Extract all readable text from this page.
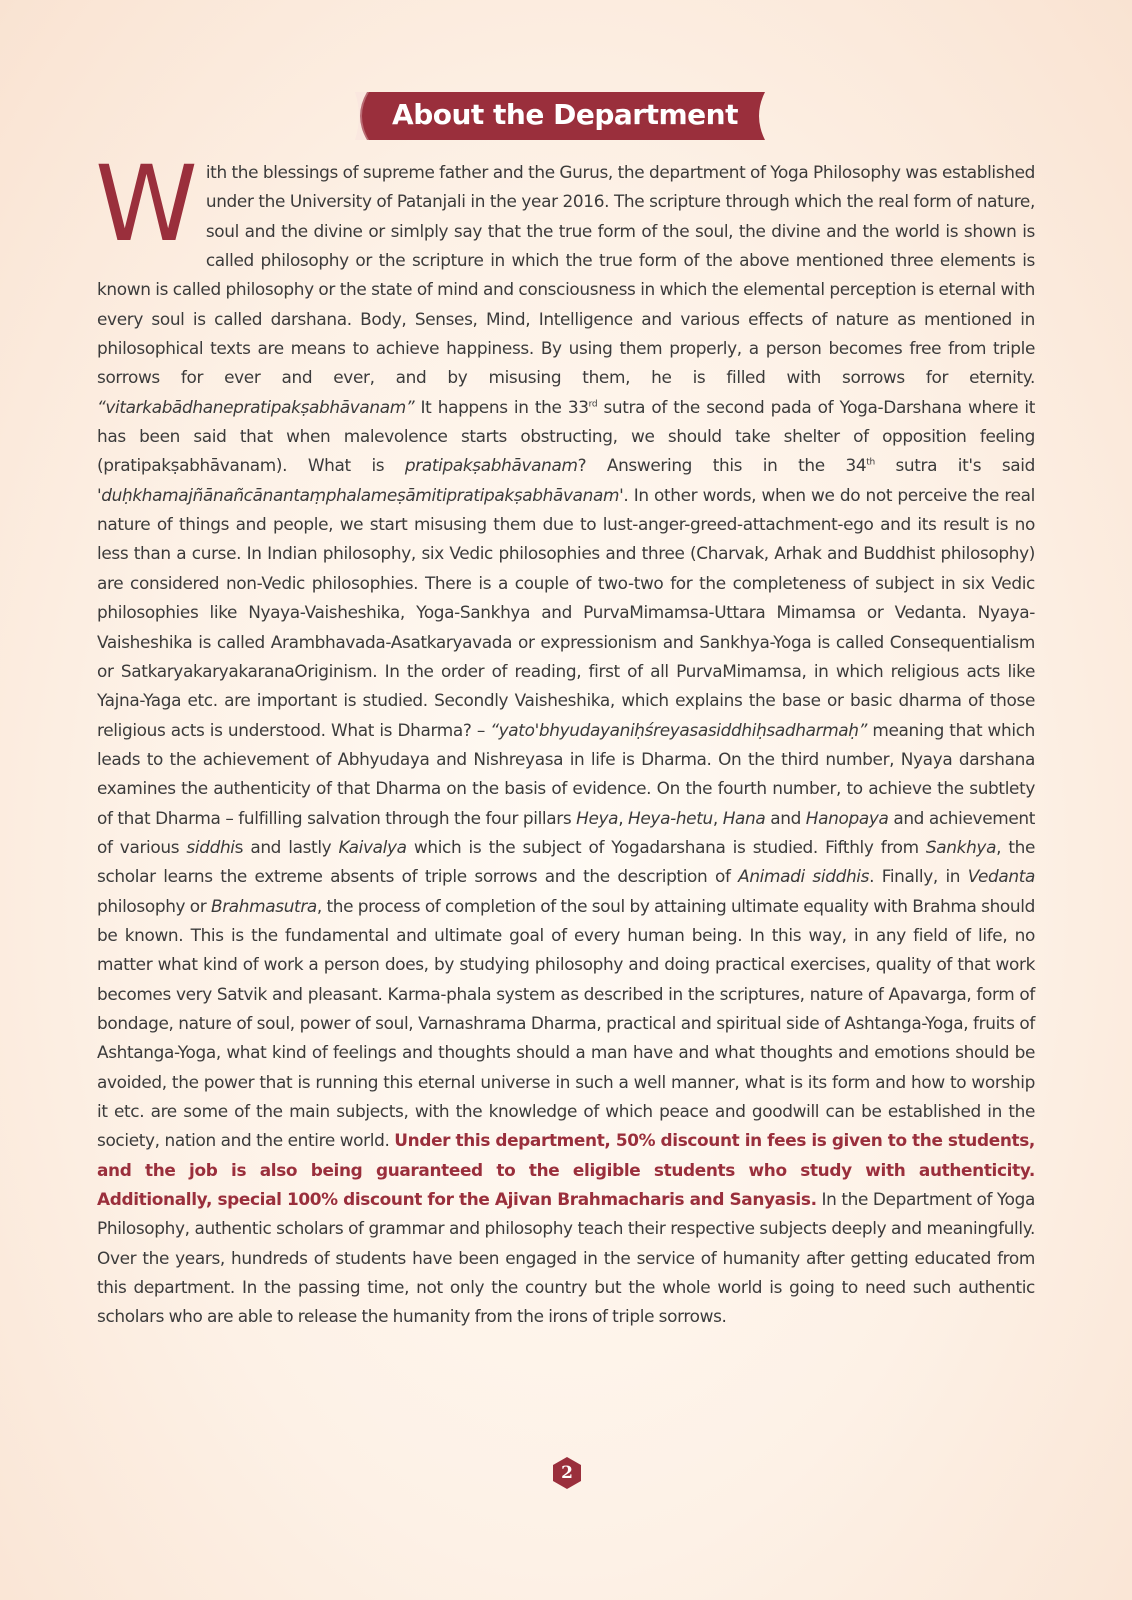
About the Department
W	ith the blessings of supreme father and the Gurus, the department of Yoga Philosophy was established under the University of Patanjali in the year 2016. The scripture through which the real form of nature, soul and the divine or simlply say that the true form of the soul, the divine and the world is shown is called philosophy or the scripture in which the true form of the above mentioned three elements is known is called philosophy or the state of mind and consciousness in which the elemental perception is eternal with every soul is called darshana. Body, Senses, Mind, Intelligence and various effects of nature as mentioned in philosophical texts are means to achieve happiness. By using them properly, a person becomes free from triple sorrows for ever and ever, and by misusing them, he is filled with sorrows for eternity. “vitarkabādhanepratipakṣabhāvanam” It happens in the 33rd sutra of the second pada of Yoga-Darshana where it has been said that when malevolence starts obstructing, we should take shelter of opposition feeling (pratipakṣabhāvanam). What is pratipakṣabhāvanam? Answering this in the 34th sutra it's said 'duḥkhamajñānañcānantaṃphalameṣāmitipratipakṣabhāvanam'. In other words, when we do not perceive the real nature of things and people, we start misusing them due to lust-anger-greed-attachment-ego and its result is no less than a curse. In Indian philosophy, six Vedic philosophies and three (Charvak, Arhak and Buddhist philosophy) are considered non-Vedic philosophies. There is a couple of two-two for the completeness of subject in six Vedic philosophies like Nyaya-Vaisheshika, Yoga-Sankhya and PurvaMimamsa-Uttara Mimamsa or Vedanta. Nyaya-Vaisheshika is called Arambhavada-Asatkaryavada or expressionism and Sankhya-Yoga is called Consequentialism or SatkaryakaryakaranaOriginism. In the order of reading, first of all PurvaMimamsa, in which religious acts like Yajna-Yaga etc. are important is studied. Secondly Vaisheshika, which explains the base or basic dharma of those religious acts is understood. What is Dharma? – “yato'bhyudayaniḥśreyasasiddhiḥsadharmaḥ” meaning that which leads to the achievement of Abhyudaya and Nishreyasa in life is Dharma. On the third number, Nyaya darshana examines the authenticity of that Dharma on the basis of evidence. On the fourth number, to achieve the subtlety of that Dharma – fulfilling salvation through the four pillars Heya, Heya-hetu, Hana and Hanopaya and achievement of various siddhis and lastly Kaivalya which is the subject of Yogadarshana is studied. Fifthly from Sankhya, the scholar learns the extreme absents of triple sorrows and the description of Animadi siddhis. Finally, in Vedanta philosophy or Brahmasutra, the process of completion of the soul by attaining ultimate equality with Brahma should be known. This is the fundamental and ultimate goal of every human being. In this way, in any field of life, no matter what kind of work a person does, by studying philosophy and doing practical exercises, quality of that work becomes very Satvik and pleasant. Karma-phala system as described in the scriptures, nature of Apavarga, form of bondage, nature of soul, power of soul, Varnashrama Dharma, practical and spiritual side of Ashtanga-Yoga, fruits of Ashtanga-Yoga, what kind of feelings and thoughts should a man have and what thoughts and emotions should be avoided, the power that is running this eternal universe in such a well manner, what is its form and how to worship it etc. are some of the main subjects, with the knowledge of which peace and goodwill can be established in the society, nation and the entire world. Under this department, 50% discount in fees is given to the students, and the job is also being guaranteed to the eligible students who study with authenticity. Additionally, special 100% discount for the Ajivan Brahmacharis and Sanyasis. In the Department of Yoga Philosophy, authentic scholars of grammar and philosophy teach their respective subjects deeply and meaningfully. Over the years, hundreds of students have been engaged in the service of humanity after getting educated from this department. In the passing time, not only the country but the whole world is going to need such authentic scholars who are able to release the humanity from the irons of triple sorrows.
2
